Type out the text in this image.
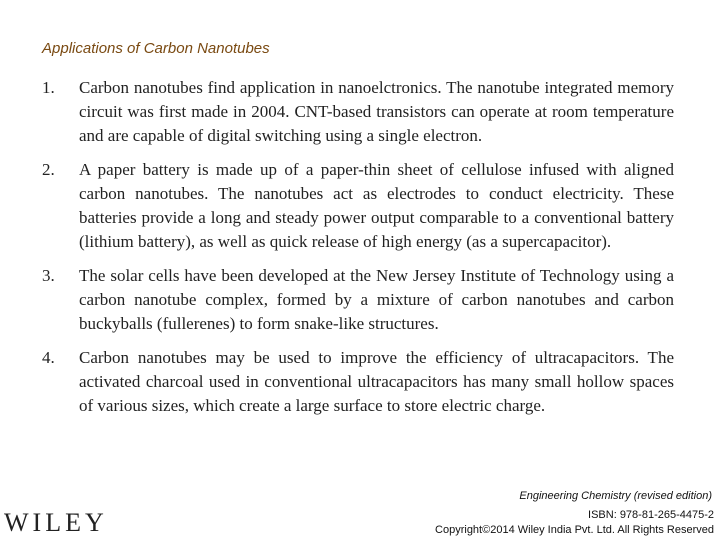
Applications of Carbon Nanotubes
1. Carbon nanotubes find application in nanoelctronics. The nanotube integrated memory circuit was first made in 2004. CNT-based transistors can operate at room temperature and are capable of digital switching using a single electron.
2. A paper battery is made up of a paper-thin sheet of cellulose infused with aligned carbon nanotubes. The nanotubes act as electrodes to conduct electricity. These batteries provide a long and steady power output comparable to a conventional battery (lithium battery), as well as quick release of high energy (as a supercapacitor).
3. The solar cells have been developed at the New Jersey Institute of Technology using a carbon nanotube complex, formed by a mixture of carbon nanotubes and carbon buckyballs (fullerenes) to form snake-like structures.
4. Carbon nanotubes may be used to improve the efficiency of ultracapacitors. The activated charcoal used in conventional ultracapacitors has many small hollow spaces of various sizes, which create a large surface to store electric charge.
WILEY
Engineering Chemistry (revised edition)
ISBN: 978-81-265-4475-2
Copyright©2014 Wiley India Pvt. Ltd. All Rights Reserved
